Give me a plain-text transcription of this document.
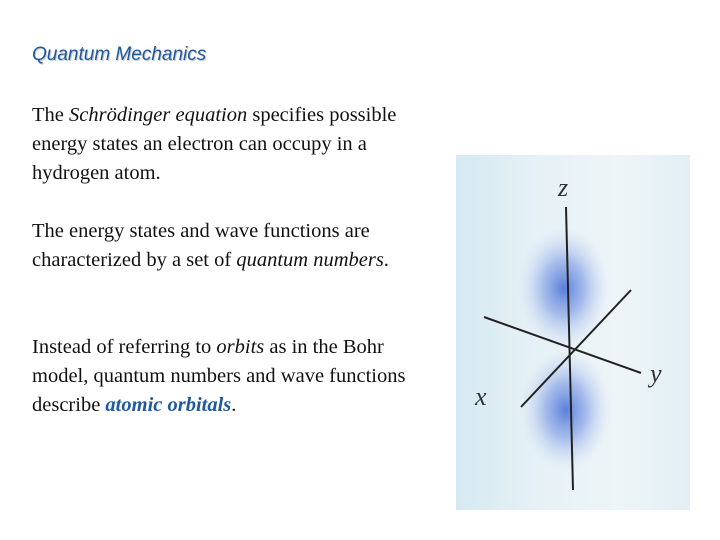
Quantum Mechanics
The Schrödinger equation specifies possible energy states an electron can occupy in a hydrogen atom.
The energy states and wave functions are characterized by a set of quantum numbers.
Instead of referring to orbits as in the Bohr model, quantum numbers and wave functions describe atomic orbitals.
z
y
x
